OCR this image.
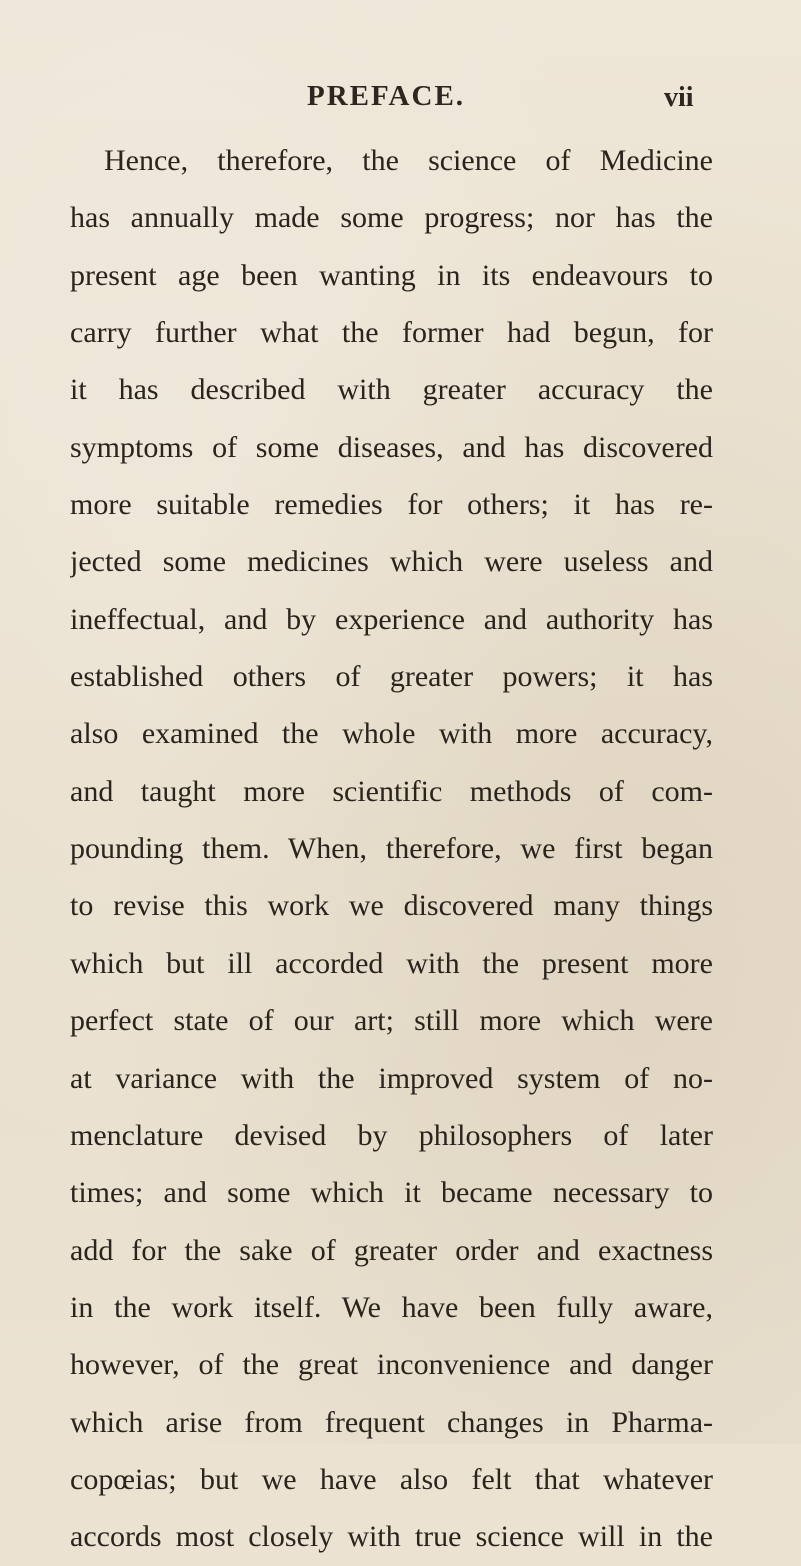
PREFACE.	vii
Hence, therefore, the science of Medicine
has annually made some progress; nor has the
present age been wanting in its endeavours to
carry further what the former had begun, for
it has described with greater accuracy the
symptoms of some diseases, and has discovered
more suitable remedies for others; it has re-
jected some medicines which were useless and
ineffectual, and by experience and authority has
established others of greater powers; it has
also examined the whole with more accuracy,
and taught more scientific methods of com-
pounding them. When, therefore, we first began
to revise this work we discovered many things
which but ill accorded with the present more
perfect state of our art; still more which were
at variance with the improved system of no-
menclature devised by philosophers of later
times; and some which it became necessary to
add for the sake of greater order and exactness
in the work itself. We have been fully aware,
however, of the great inconvenience and danger
which arise from frequent changes in Pharma-
copœias; but we have also felt that whatever
accords most closely with true science will in the
